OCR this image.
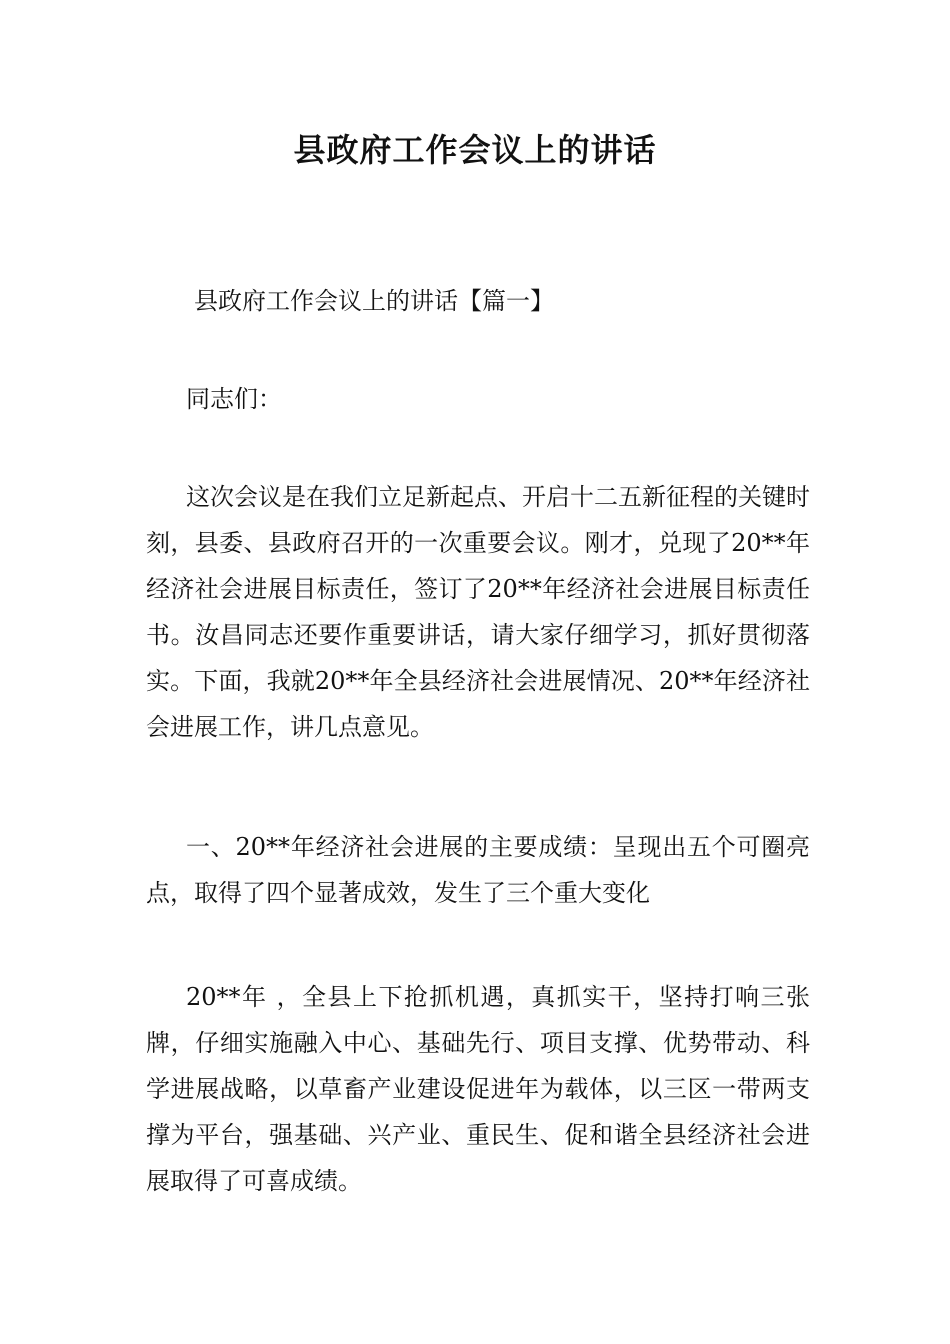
县政府工作会议上的讲话

县政府工作会议上的讲话【篇一】

同志们：

这次会议是在我们立足新起点、开启十二五新征程的关键时刻，县委、县政府召开的一次重要会议。刚才，兑现了20**年经济社会进展目标责任，签订了20**年经济社会进展目标责任书。汝昌同志还要作重要讲话，请大家仔细学习，抓好贯彻落实。下面，我就20**年全县经济社会进展情况、20**年经济社会进展工作，讲几点意见。

一、20**年经济社会进展的主要成绩：呈现出五个可圈亮点，取得了四个显著成效，发生了三个重大变化

20**年 ，全县上下抢抓机遇，真抓实干，坚持打响三张牌，仔细实施融入中心、基础先行、项目支撑、优势带动、科学进展战略，以草畜产业建设促进年为载体，以三区一带两支撑为平台，强基础、兴产业、重民生、促和谐全县经济社会进展取得了可喜成绩。
